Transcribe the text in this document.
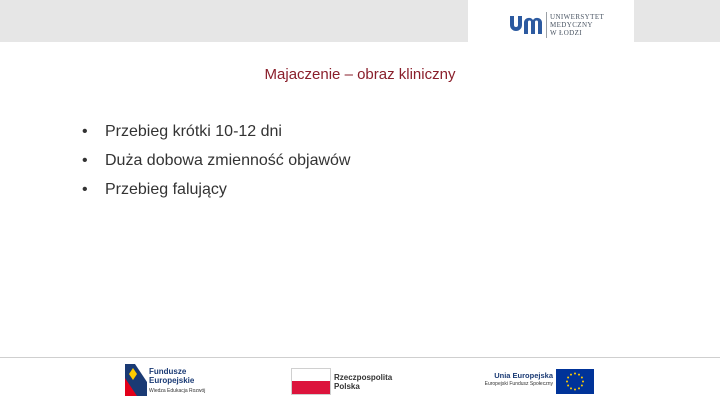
UNIWERSYTET
MEDYCZNY
W ŁODZI
Majaczenie – obraz kliniczny
• Przebieg krótki 10-12 dni
• Duża dobowa zmienność objawów
• Przebieg falujący
Fundusze
Europejskie
Wiedza Edukacja Rozwój
Rzeczpospolita
Polska
Unia Europejska
Europejski Fundusz Społeczny
